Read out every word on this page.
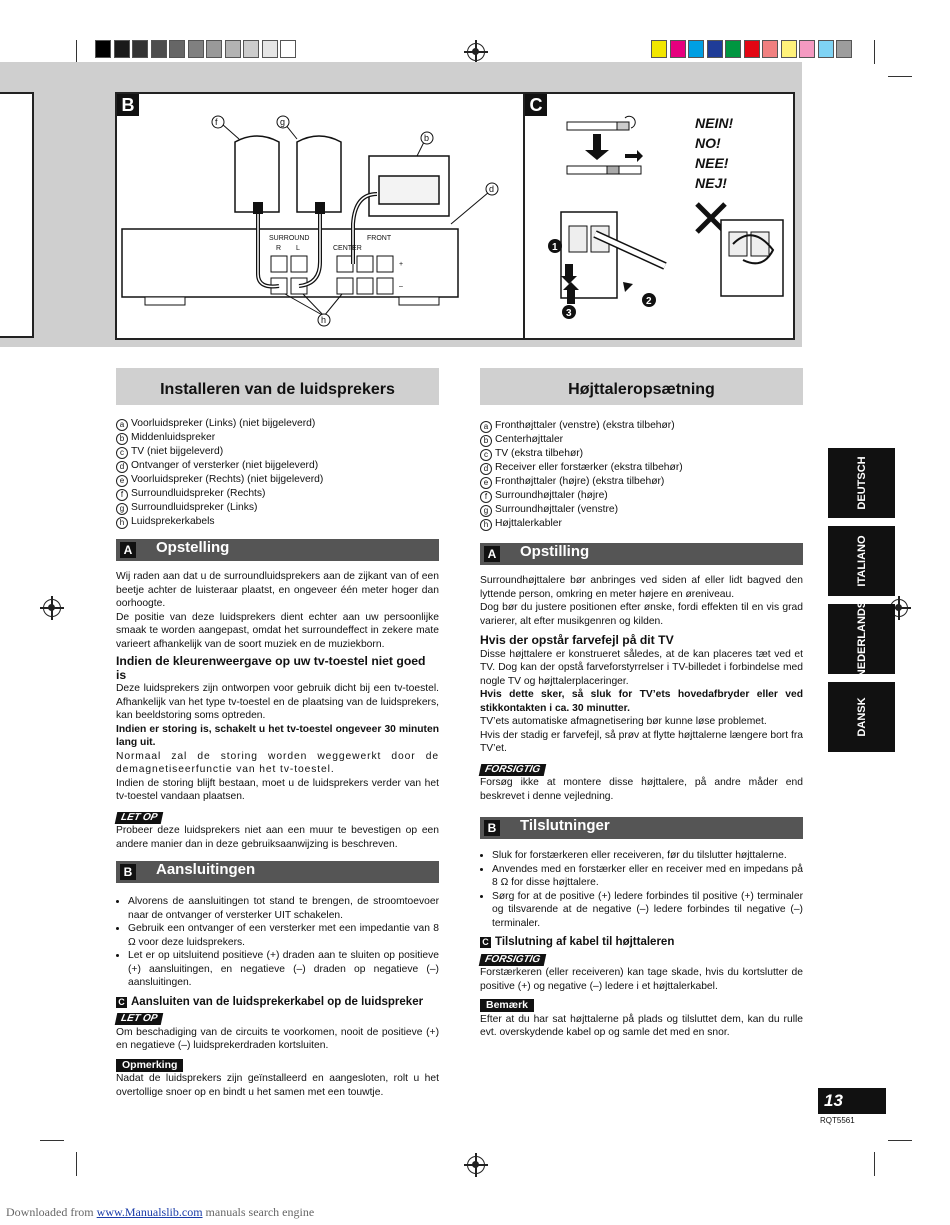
B
f	g
b
d
h
SURROUND	FRONT
CENTER
R L
+
–
C
NEIN!
NO!
NEE!
NEJ!
1
2
3
Installeren van de luidsprekers
a Voorluidspreker (Links) (niet bijgeleverd)
b Middenluidspreker
c TV (niet bijgeleverd)
d Ontvanger of versterker (niet bijgeleverd)
e Voorluidspreker (Rechts) (niet bijgeleverd)
f Surroundluidspreker (Rechts)
g Surroundluidspreker (Links)
h Luidsprekerkabels
A Opstelling

Wij raden aan dat u de surroundluidsprekers aan de zijkant van of een beetje achter de luisteraar plaatst, en ongeveer één meter hoger dan oorhoogte.

De positie van deze luidsprekers dient echter aan uw persoonlijke smaak te worden aangepast, omdat het surroundeffect in zekere mate varieert afhankelijk van de soort muziek en de muziekborn.

Indien de kleurenweergave op uw tv-toestel niet goed is

Deze luidsprekers zijn ontworpen voor gebruik dicht bij een tv-toestel. Afhankelijk van het type tv-toestel en de plaatsing van de luidsprekers, kan beeldstoring soms optreden.

Indien er storing is, schakelt u het tv-toestel ongeveer 30 minuten lang uit.

Normaal zal de storing worden weggewerkt door de demagnetiseerfunctie van het tv-toestel.

Indien de storing blijft bestaan, moet u de luidsprekers verder van het tv-toestel vandaan plaatsen.

LET OP

Probeer deze luidsprekers niet aan een muur te bevestigen op een andere manier dan in deze gebruiksaanwijzing is beschreven.

B Aansluitingen
• Alvorens de aansluitingen tot stand te brengen, de stroomtoevoer naar de ontvanger of versterker UIT schakelen.
• Gebruik een ontvanger of een versterker met een impedantie van 8 Ω voor deze luidsprekers.
• Let er op uitsluitend positieve (+) draden aan te sluiten op positieve (+) aansluitingen, en negatieve (–) draden op negatieve (–) aansluitingen.
C Aansluiten van de luidsprekerkabel op de luidspreker
LET OP

Om beschadiging van de circuits te voorkomen, nooit de positieve (+) en negatieve (–) luidsprekerdraden kortsluiten.

Opmerking

Nadat de luidsprekers zijn geïnstalleerd en aangesloten, rolt u het overtollige snoer op en bindt u het samen met een touwtje.

Højttaleropsætning
a Fronthøjttaler (venstre) (ekstra tilbehør)
b Centerhøjttaler
c TV (ekstra tilbehør)
d Receiver eller forstærker (ekstra tilbehør)
e Fronthøjttaler (højre) (ekstra tilbehør)
f Surroundhøjttaler (højre)
g Surroundhøjttaler (venstre)
h Højttalerkabler
A Opstilling

Surroundhøjttalere bør anbringes ved siden af eller lidt bagved den lyttende person, omkring en meter højere en øreniveau.

Dog bør du justere positionen efter ønske, fordi effekten til en vis grad varierer, alt efter musikgenren og kilden.

Hvis der opstår farvefejl på dit TV

Disse højttalere er konstrueret således, at de kan placeres tæt ved et TV. Dog kan der opstå farveforstyrrelser i TV-billedet i forbindelse med nogle TV og højttalerplaceringer.

Hvis dette sker, så sluk for TV’ets hovedafbryder eller ved stikkontakten i ca. 30 minutter.

TV’ets automatiske afmagnetisering bør kunne løse problemet.

Hvis der stadig er farvefejl, så prøv at flytte højttalerne længere bort fra TV’et.

FORSIGTIG

Forsøg ikke at montere disse højttalere, på andre måder end beskrevet i denne vejledning.

B Tilslutninger
• Sluk for forstærkeren eller receiveren, før du tilslutter højttalerne.
• Anvendes med en forstærker eller en receiver med en impedans på 8 Ω for disse højttalere.
• Sørg for at de positive (+) ledere forbindes til positive (+) terminaler og tilsvarende at de negative (–) ledere forbindes til negative (–) terminaler.
C Tilslutning af kabel til højttaleren
FORSIGTIG

Forstærkeren (eller receiveren) kan tage skade, hvis du kortslutter de positive (+) og negative (–) ledere i et højttalerkabel.

Bemærk

Efter at du har sat højttalerne på plads og tilsluttet dem, kan du rulle evt. overskydende kabel op og samle det med en snor.

DEUTSCH
ITALIANO
NEDERLANDS
DANSK
13
RQT5561
Downloaded from www.Manualslib.com manuals search engine
